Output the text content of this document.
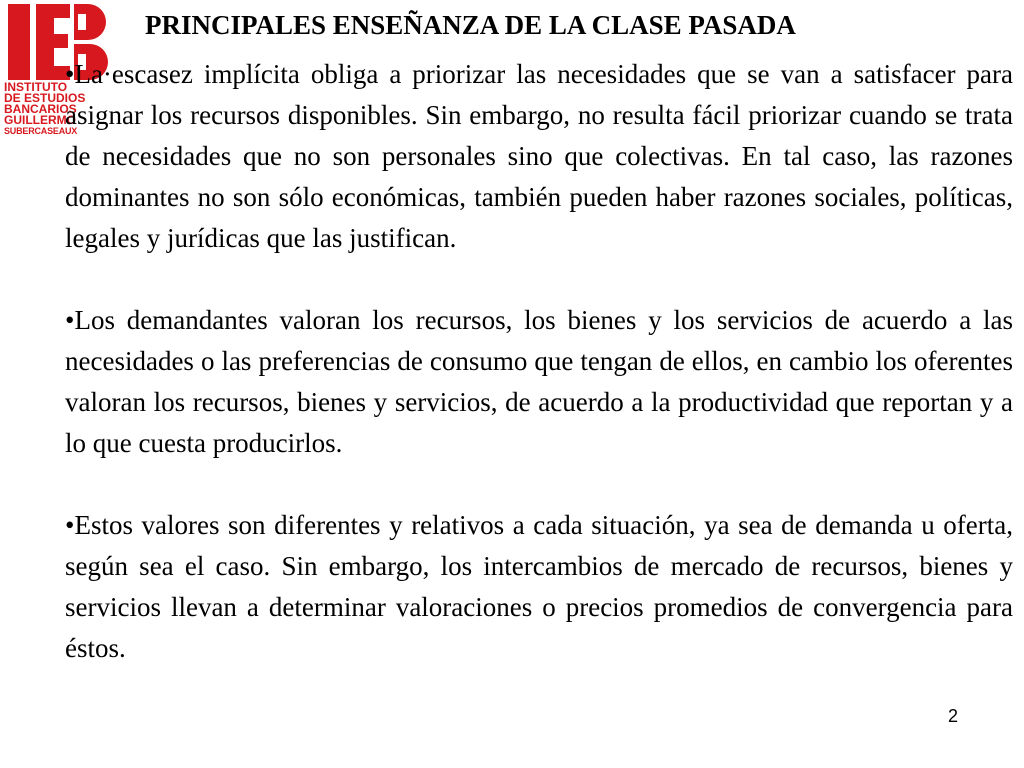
INSTITUTO
DE ESTUDIOS
BANCARIOS
GUILLERMO
SUBERCASEAUX
PRINCIPALES ENSEÑANZA DE LA CLASE PASADA

•La·escasez implícita obliga a priorizar las necesidades que se van a satisfacer para asignar los recursos disponibles. Sin embargo, no resulta fácil priorizar cuando se trata de necesidades que no son personales sino que colectivas. En tal caso, las razones dominantes no son sólo económicas, también pueden haber razones sociales, políticas, legales y jurídicas que las justifican.

•Los demandantes valoran los recursos, los bienes y los servicios de acuerdo a las necesidades o las preferencias de consumo que tengan de ellos, en cambio los oferentes valoran los recursos, bienes y servicios, de acuerdo a la productividad que reportan y a lo que cuesta producirlos.

•Estos valores son diferentes y relativos a cada situación, ya sea de demanda u oferta, según sea el caso. Sin embargo, los intercambios de mercado de recursos, bienes y servicios llevan a determinar valoraciones o precios promedios de convergencia para éstos.

2
